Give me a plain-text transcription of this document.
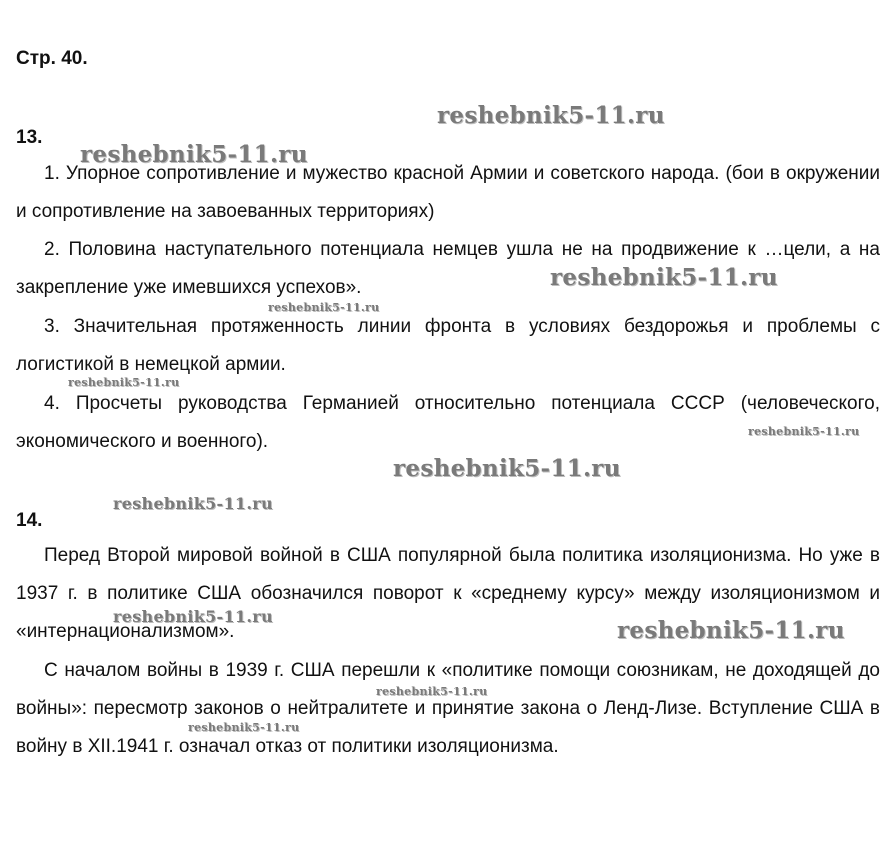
Стр. 40.
13.

1. Упорное сопротивление и мужество красной Армии и советского народа. (бои в окружении и сопротивление на завоеванных территориях)

2. Половина наступательного потенциала немцев ушла не на продвижение к …цели, а на закрепление уже имевшихся успехов».

3. Значительная протяженность линии фронта в условиях бездорожья и проблемы с логистикой в немецкой армии.

4. Просчеты руководства Германией относительно потенциала СССР (человеческого, экономического и военного).

14.

Перед Второй мировой войной в США популярной была политика изоляционизма. Но уже в 1937 г. в политике США обозначился поворот к «среднему курсу» между изоляционизмом и «интернационализмом».

С началом войны в 1939 г. США перешли к «политике помощи союзникам, не доходящей до войны»: пересмотр законов о нейтралитете и принятие закона о Ленд-Лизе. Вступление США в войну в XII.1941 г. означал отказ от политики изоляционизма.

reshebnik5-11.ru
reshebnik5-11.ru
reshebnik5-11.ru
reshebnik5-11.ru
reshebnik5-11.ru
reshebnik5-11.ru
reshebnik5-11.ru
reshebnik5-11.ru
reshebnik5-11.ru
reshebnik5-11.ru
reshebnik5-11.ru
reshebnik5-11.ru
